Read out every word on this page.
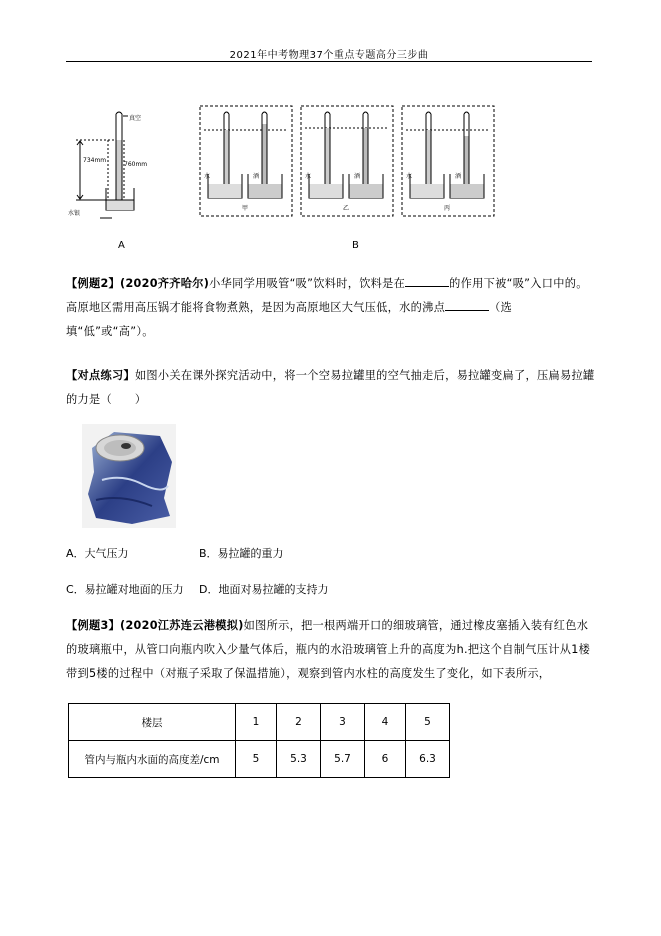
2021年中考物理37个重点专题高分三步曲
真空
734mm
760mm
水银
A
水	酒
甲
水	酒
乙
水	酒
丙
B
【例题2】(2020齐齐哈尔)小华同学用吸管“吸”饮料时，饮料是在	的作用下被“吸”入口中的。高原地区需用高压锅才能将食物煮熟，是因为高原地区大气压低，水的沸点	（选填“低”或“高”）。
【对点练习】如图小关在课外探究活动中，将一个空易拉罐里的空气抽走后，易拉罐变扁了，压扁易拉罐的力是（　　）
A．大气压力	B．易拉罐的重力
C．易拉罐对地面的压力 D．地面对易拉罐的支持力
【例题3】(2020江苏连云港模拟)如图所示，把一根两端开口的细玻璃管，通过橡皮塞插入装有红色水的玻璃瓶中，从管口向瓶内吹入少量气体后，瓶内的水沿玻璃管上升的高度为h.把这个自制气压计从1楼带到5楼的过程中（对瓶子采取了保温措施），观察到管内水柱的高度发生了变化，如下表所示，
楼层	1	2	3	4	5
管内与瓶内水面的高度差/cm	5	5.3	5.7	6	6.3
